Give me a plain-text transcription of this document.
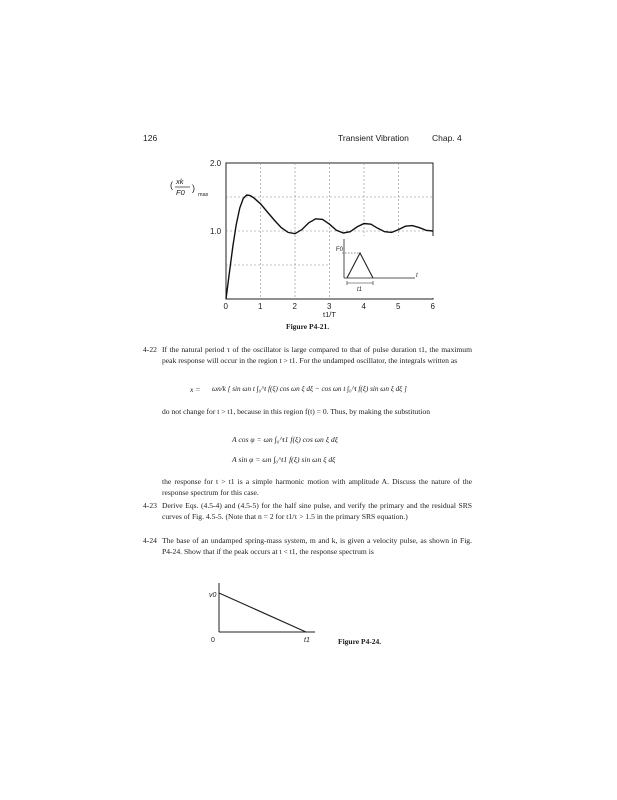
126	Transient Vibration	Chap. 4
0	1	2	3	4	5	6
1.0
2.0
( xk
F0 )
max
t1/T
F0
t
t1
Figure P4-21.
4-22 If the natural period τ of the oscillator is large compared to that of pulse duration t1, the maximum peak response will occur in the region t > t1. For the undamped oscillator, the integrals written as
x = ωn/k [ sin ωn t ∫₀^t f(ξ) cos ωn ξ dξ − cos ωn t ∫₀^t f(ξ) sin ωn ξ dξ ]
do not change for t > t1, because in this region f(t) = 0. Thus, by making the substitution
A cos φ = ωn ∫₀^t1 f(ξ) cos ωn ξ dξ
A sin φ = ωn ∫₀^t1 f(ξ) sin ωn ξ dξ
the response for t > t1 is a simple harmonic motion with amplitude A. Discuss the nature of the response spectrum for this case.
4-23 Derive Eqs. (4.5-4) and (4.5-5) for the half sine pulse, and verify the primary and the residual SRS curves of Fig. 4.5-5. (Note that n = 2 for t1/τ > 1.5 in the primary SRS equation.)
4-24 The base of an undamped spring-mass system, m and k, is given a velocity pulse, as shown in Fig. P4-24. Show that if the peak occurs at t < t1, the response spectrum is
v0
0	t1	Figure P4-24.
